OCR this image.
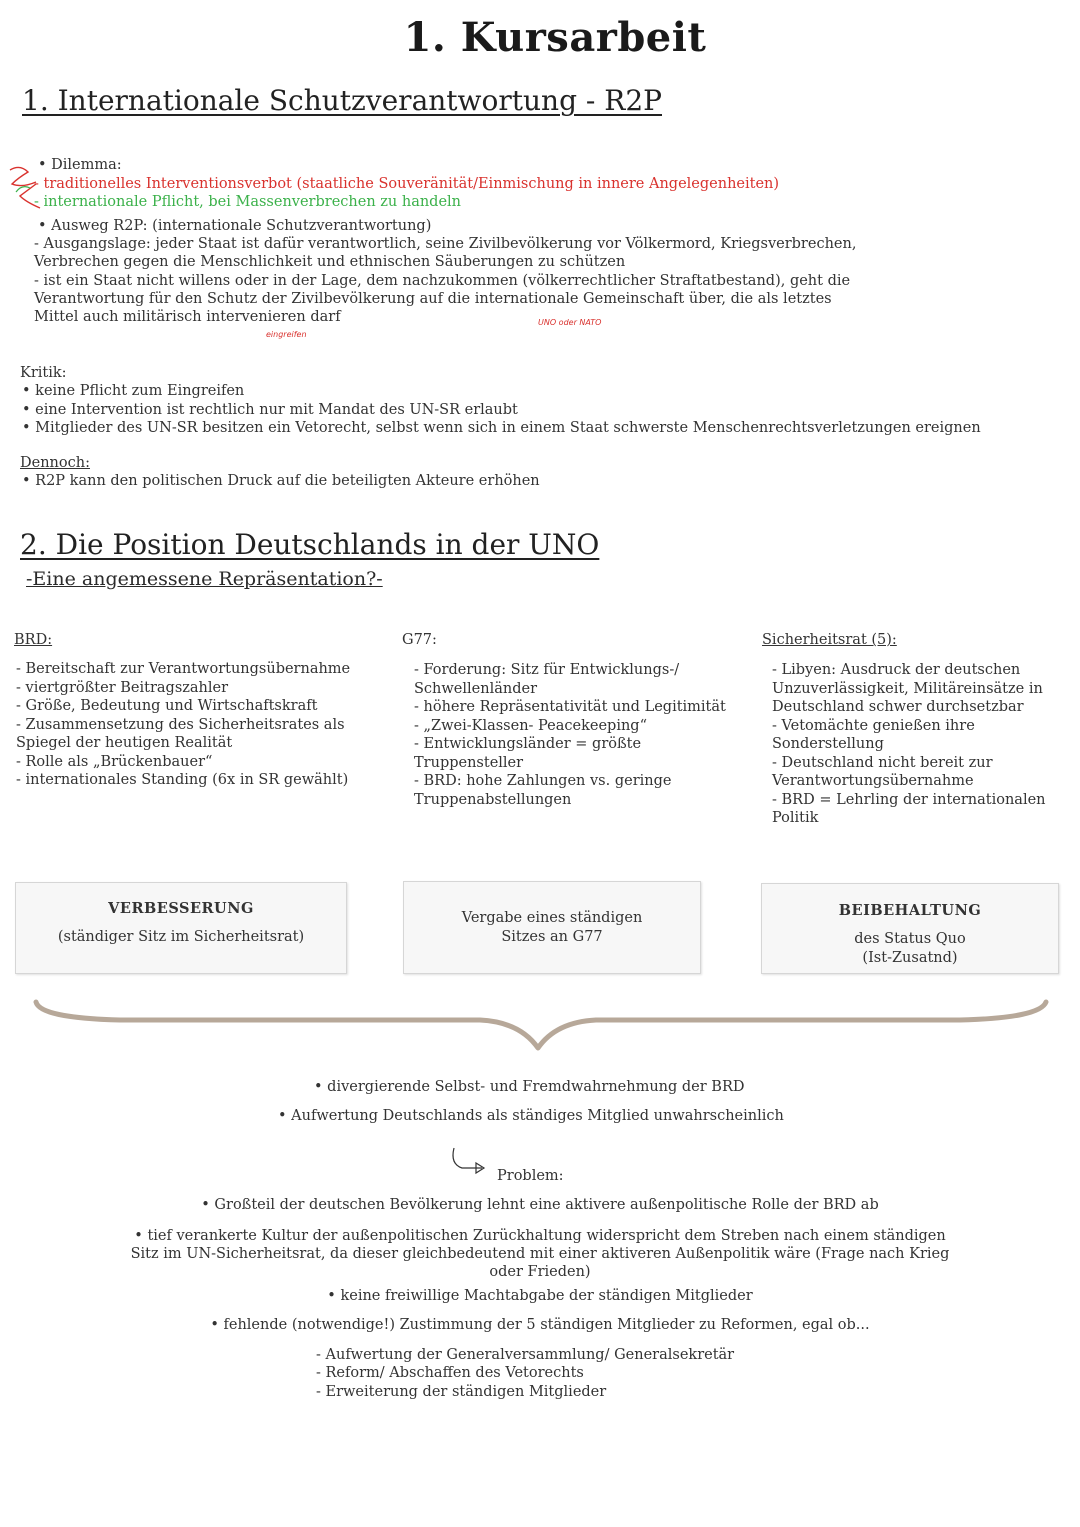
1. Kursarbeit
1. Internationale Schutzverantwortung - R2P
• Dilemma:
- traditionelles Interventionsverbot (staatliche Souveränität/Einmischung in innere Angelegenheiten)
- internationale Pflicht, bei Massenverbrechen zu handeln
• Ausweg R2P: (internationale Schutzverantwortung)
- Ausgangslage: jeder Staat ist dafür verantwortlich, seine Zivilbevölkerung vor Völkermord, Kriegsverbrechen,
Verbrechen gegen die Menschlichkeit und ethnischen Säuberungen zu schützen
- ist ein Staat nicht willens oder in der Lage, dem nachzukommen (völkerrechtlicher Straftatbestand), geht die
Verantwortung für den Schutz der Zivilbevölkerung auf die internationale Gemeinschaft über, die als letztes
Mittel auch militärisch intervenieren darf
eingreifen
UNO oder NATO
Kritik:
• keine Pflicht zum Eingreifen
• eine Intervention ist rechtlich nur mit Mandat des UN-SR erlaubt
• Mitglieder des UN-SR besitzen ein Vetorecht, selbst wenn sich in einem Staat schwerste Menschenrechtsverletzungen ereignen
Dennoch:
• R2P kann den politischen Druck auf die beteiligten Akteure erhöhen
2. Die Position Deutschlands in der UNO
-Eine angemessene Repräsentation?-
BRD:	G77:	Sicherheitsrat (5):
- Bereitschaft zur Verantwortungsübernahme
- viertgrößter Beitragszahler
- Größe, Bedeutung und Wirtschaftskraft
- Zusammensetzung des Sicherheitsrates als
Spiegel der heutigen Realität
- Rolle als „Brückenbauer“
- internationales Standing (6x in SR gewählt)
- Forderung: Sitz für Entwicklungs-/
Schwellenländer
- höhere Repräsentativität und Legitimität
- „Zwei-Klassen- Peacekeeping“
- Entwicklungsländer = größte
Truppensteller
- BRD: hohe Zahlungen vs. geringe
Truppenabstellungen
- Libyen: Ausdruck der deutschen
Unzuverlässigkeit, Militäreinsätze in
Deutschland schwer durchsetzbar
- Vetomächte genießen ihre
Sonderstellung
- Deutschland nicht bereit zur
Verantwortungsübernahme
- BRD = Lehrling der internationalen
Politik
VERBESSERUNG
(ständiger Sitz im Sicherheitsrat)
Vergabe eines ständigen
Sitzes an G77
BEIBEHALTUNG
des Status Quo
(Ist-Zusatnd)
• divergierende Selbst- und Fremdwahrnehmung der BRD
• Aufwertung Deutschlands als ständiges Mitglied unwahrscheinlich
Problem:
• Großteil der deutschen Bevölkerung lehnt eine aktivere außenpolitische Rolle der BRD ab
• tief verankerte Kultur der außenpolitischen Zurückhaltung widerspricht dem Streben nach einem ständigen
Sitz im UN-Sicherheitsrat, da dieser gleichbedeutend mit einer aktiveren Außenpolitik wäre (Frage nach Krieg
oder Frieden)
• keine freiwillige Machtabgabe der ständigen Mitglieder
• fehlende (notwendige!) Zustimmung der 5 ständigen Mitglieder zu Reformen, egal ob...
- Aufwertung der Generalversammlung/ Generalsekretär
- Reform/ Abschaffen des Vetorechts
- Erweiterung der ständigen Mitglieder
